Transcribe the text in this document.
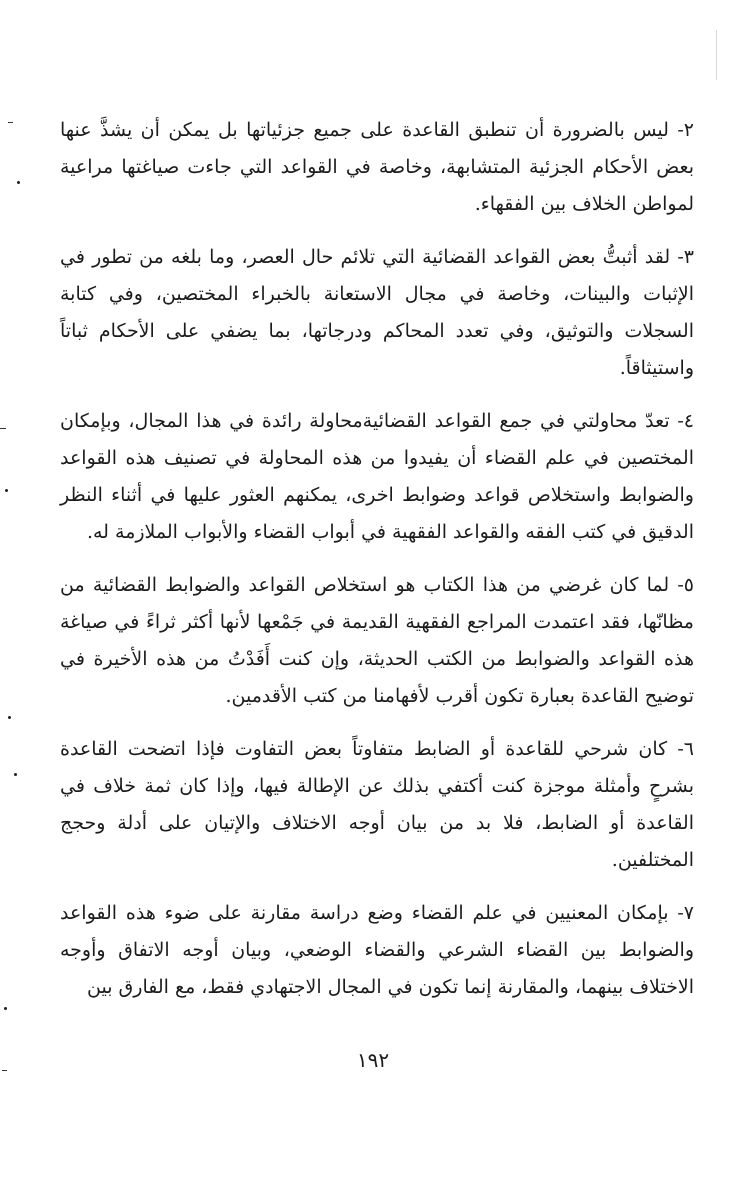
٢- ليس بالضرورة أن تنطبق القاعدة على جميع جزئياتها بل يمكن أن يشذَّ عنها بعض الأحكام الجزئية المتشابهة، وخاصة في القواعد التي جاءت صياغتها مراعية لمواطن الخلاف بين الفقهاء.

٣- لقد أثبتُّ بعض القواعد القضائية التي تلائم حال العصر، وما بلغه من تطور في الإثبات والبينات، وخاصة في مجال الاستعانة بالخبراء المختصين، وفي كتابة السجلات والتوثيق، وفي تعدد المحاكم ودرجاتها، بما يضفي على الأحكام ثباتاً واستيثاقاً.

٤- تعدّ محاولتي في جمع القواعد القضائيةمحاولة رائدة في هذا المجال، وبإمكان المختصين في علم القضاء أن يفيدوا من هذه المحاولة في تصنيف هذه القواعد والضوابط واستخلاص قواعد وضوابط اخرى، يمكنهم العثور عليها في أثناء النظر الدقيق في كتب الفقه والقواعد الفقهية في أبواب القضاء والأبواب الملازمة له.

٥- لما كان غرضي من هذا الكتاب هو استخلاص القواعد والضوابط القضائية من مظانّها، فقد اعتمدت المراجع الفقهية القديمة في جَمْعها لأنها أكثر ثراءً في صياغة هذه القواعد والضوابط من الكتب الحديثة، وإن كنت أَفَدْتُ من هذه الأخيرة في توضيح القاعدة بعبارة تكون أقرب لأفهامنا من كتب الأقدمين.

٦- كان شرحي للقاعدة أو الضابط متفاوتاً بعض التفاوت فإذا اتضحت القاعدة بشرحٍ وأمثلة موجزة كنت أكتفي بذلك عن الإطالة فيها، وإذا كان ثمة خلاف في القاعدة أو الضابط، فلا بد من بيان أوجه الاختلاف والإتيان على أدلة وحجج المختلفين.

٧- بإمكان المعنيين في علم القضاء وضع دراسة مقارنة على ضوء هذه القواعد والضوابط بين القضاء الشرعي والقضاء الوضعي، وبيان أوجه الاتفاق وأوجه الاختلاف بينهما، والمقارنة إنما تكون في المجال الاجتهادي فقط، مع الفارق بين

١٩٢
